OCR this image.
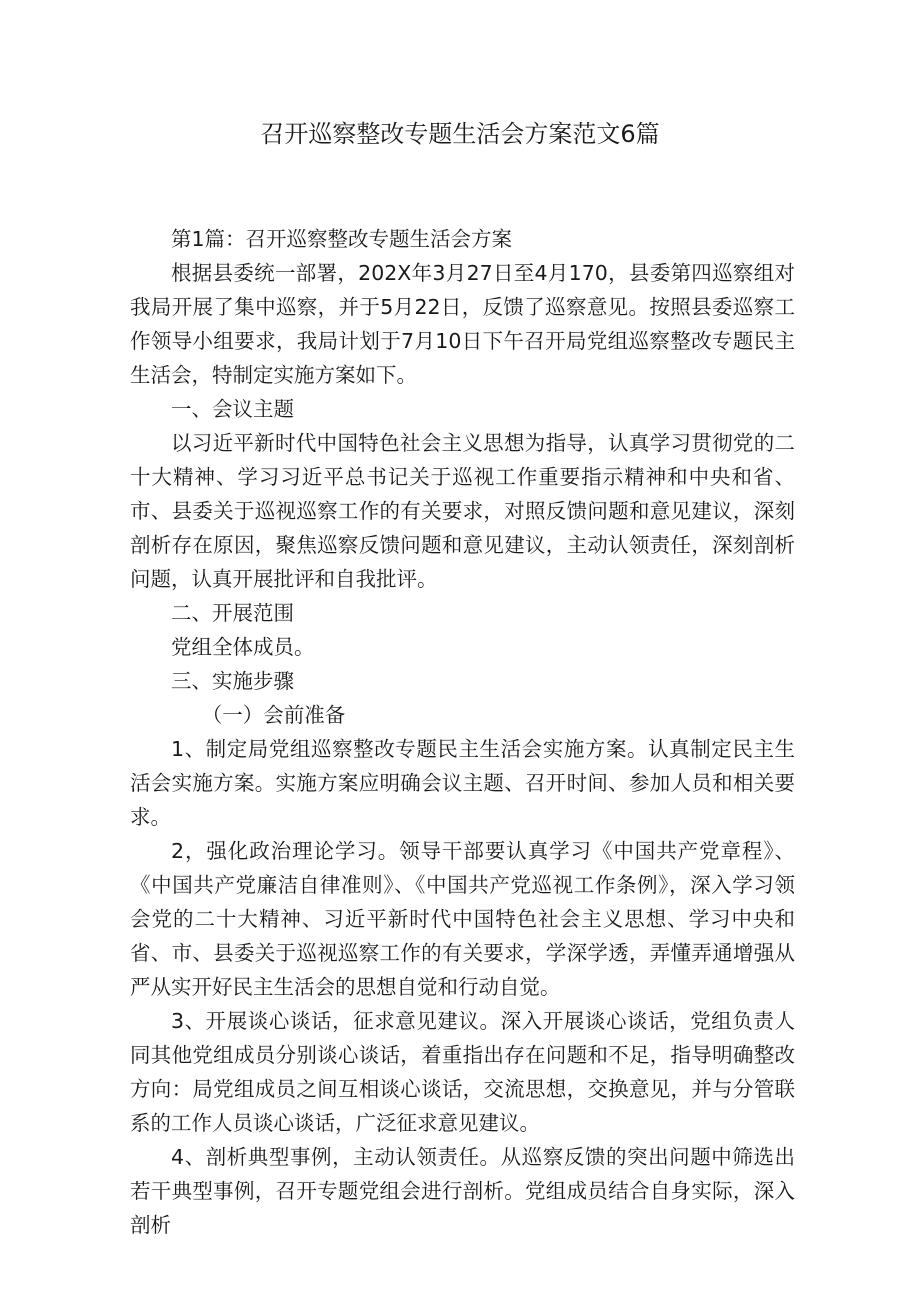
召开巡察整改专题生活会方案范文6篇

第1篇：召开巡察整改专题生活会方案

根据县委统一部署，202X年3月27日至4月170，县委第四巡察组对我局开展了集中巡察，并于5月22日，反馈了巡察意见。按照县委巡察工作领导小组要求，我局计划于7月10日下午召开局党组巡察整改专题民主生活会，特制定实施方案如下。

一、会议主题

以习近平新时代中国特色社会主义思想为指导，认真学习贯彻党的二十大精神、学习习近平总书记关于巡视工作重要指示精神和中央和省、市、县委关于巡视巡察工作的有关要求，对照反馈问题和意见建议，深刻剖析存在原因，聚焦巡察反馈问题和意见建议，主动认领责任，深刻剖析问题，认真开展批评和自我批评。

二、开展范围

党组全体成员。

三、实施步骤

（一）会前准备

1、制定局党组巡察整改专题民主生活会实施方案。认真制定民主生活会实施方案。实施方案应明确会议主题、召开时间、参加人员和相关要求。

2，强化政治理论学习。领导干部要认真学习《中国共产党章程》、《中国共产党廉洁自律准则》、《中国共产党巡视工作条例》，深入学习领会党的二十大精神、习近平新时代中国特色社会主义思想、学习中央和省、市、县委关于巡视巡察工作的有关要求，学深学透，弄懂弄通增强从严从实开好民主生活会的思想自觉和行动自觉。

3、开展谈心谈话，征求意见建议。深入开展谈心谈话，党组负责人同其他党组成员分别谈心谈话，着重指出存在问题和不足，指导明确整改方向：局党组成员之间互相谈心谈话，交流思想，交换意见，并与分管联系的工作人员谈心谈话，广泛征求意见建议。

4、剖析典型事例，主动认领责任。从巡察反馈的突出问题中筛选出若干典型事例，召开专题党组会进行剖析。党组成员结合自身实际，深入剖析
